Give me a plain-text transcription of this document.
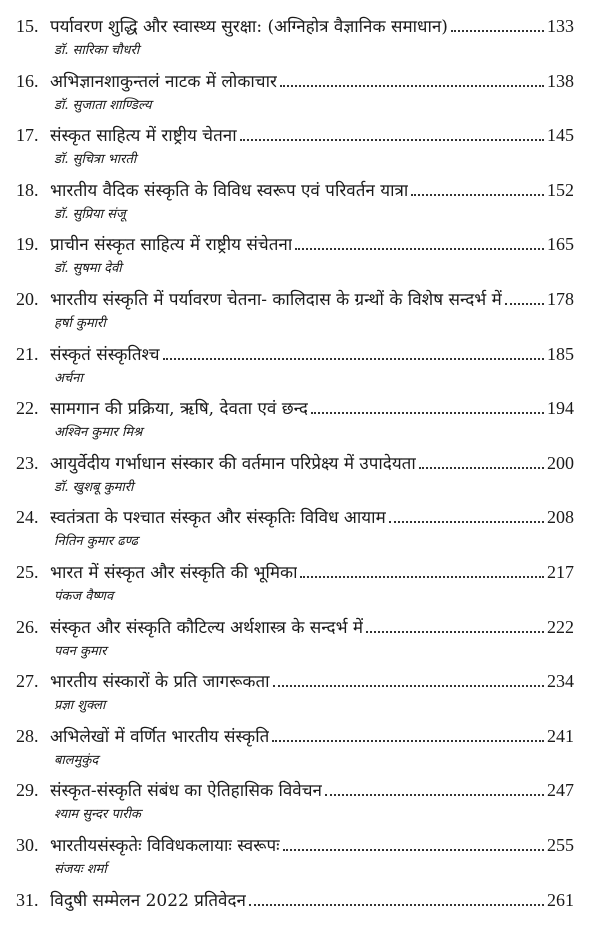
15. पर्यावरण शुद्धि और स्वास्थ्य सुरक्षा: (अग्निहोत्र वैज्ञानिक समाधान)	133
डॉ. सारिका चौधरी
16. अभिज्ञानशाकुन्तलं नाटक में लोकाचार	138
डॉ. सुजाता शाण्डिल्य
17. संस्कृत साहित्य में राष्ट्रीय चेतना	145
डॉ. सुचित्रा भारती
18. भारतीय वैदिक संस्कृति के विविध स्वरूप एवं परिवर्तन यात्रा	152
डॉ. सुप्रिया संजू
19. प्राचीन संस्कृत साहित्य में राष्ट्रीय संचेतना	165
डॉ. सुषमा देवी
20. भारतीय संस्कृति में पर्यावरण चेतना- कालिदास के ग्रन्थों के विशेष सन्दर्भ में	178
हर्षा कुमारी
21. संस्कृतं संस्कृतिश्च	185
अर्चना
22. सामगान की प्रक्रिया, ऋषि, देवता एवं छन्द	194
अश्विन कुमार मिश्र
23. आयुर्वेदीय गर्भाधान संस्कार की वर्तमान परिप्रेक्ष्य में उपादेयता	200
डॉ. खुशबू कुमारी
24. स्वतंत्रता के पश्चात संस्कृत और संस्कृतिः विविध आयाम	208
नितिन कुमार ढण्ढ
25. भारत में संस्कृत और संस्कृति की भूमिका	217
पंकज वैष्णव
26. संस्कृत और संस्कृति कौटिल्य अर्थशास्त्र के सन्दर्भ में	222
पवन कुमार
27. भारतीय संस्कारों के प्रति जागरूकता	234
प्रज्ञा शुक्ला
28. अभिलेखों में वर्णित भारतीय संस्कृति	241
बालमुकुंद
29. संस्कृत-संस्कृति संबंध का ऐतिहासिक विवेचन	247
श्याम सुन्दर पारीक
30. भारतीयसंस्कृतेः विविधकलायाः स्वरूपः	255
संजयः शर्मा
31. विदुषी सम्मेलन 2022 प्रतिवेदन	261
